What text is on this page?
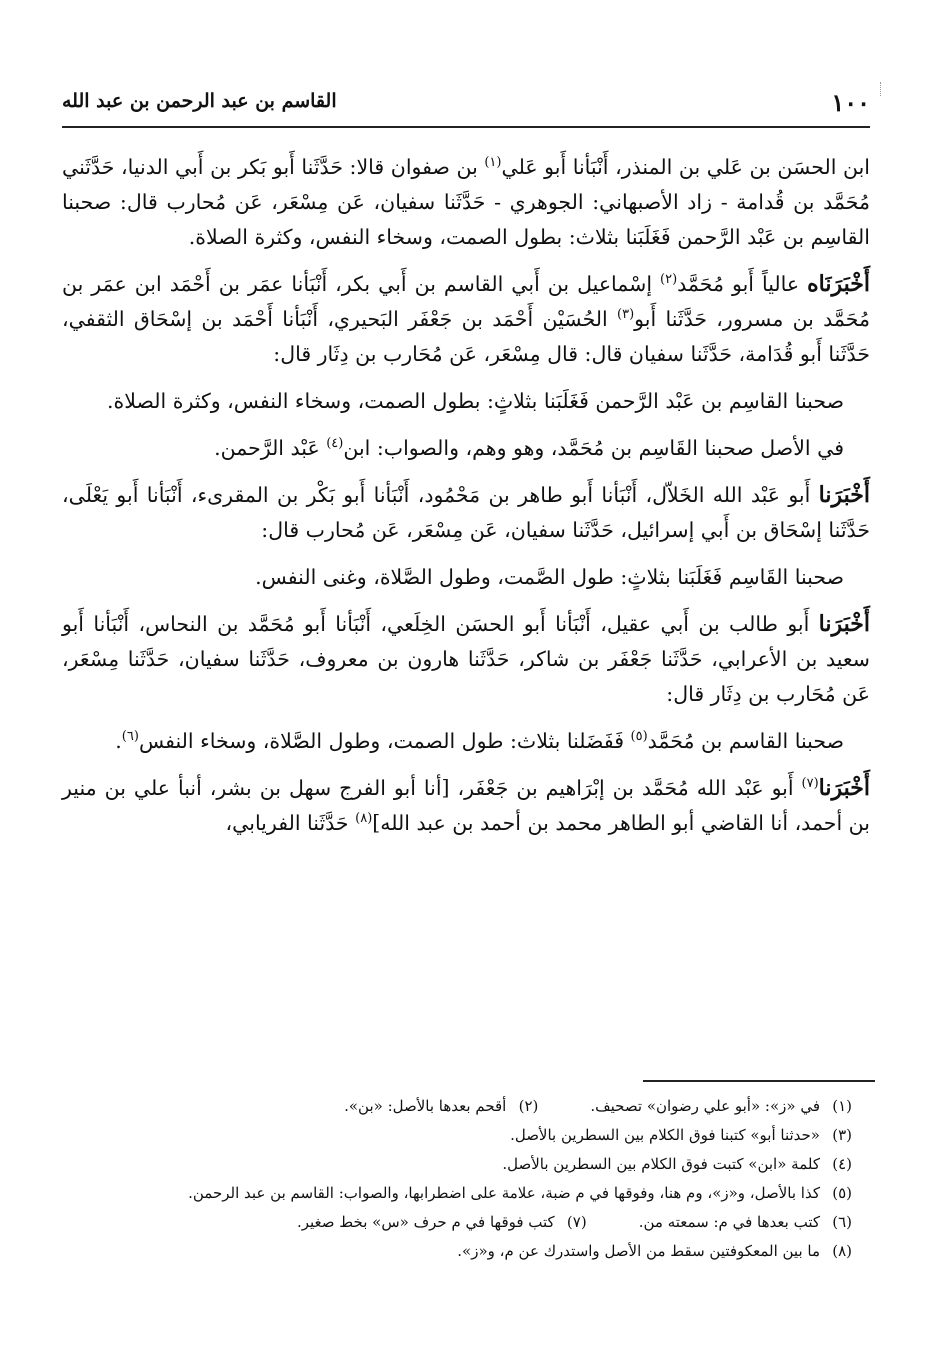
١٠٠
القاسم بن عبد الرحمن بن عبد الله

ابن الحسَن بن عَلي بن المنذر، أَنْبَأنا أَبو عَلي$^{(١)}$ بن صفوان قالا: حَدَّثَنا أَبو بَكر بن أَبي الدنيا، حَدَّثَني مُحَمَّد بن قُدامة - زاد الأصبهاني: الجوهري - حَدَّثَنا سفيان، عَن مِسْعَر، عَن مُحارب قال: صحبنا القاسِم بن عَبْد الرَّحمن فَغَلَبَنا بثلاث: بطول الصمت، وسخاء النفس، وكثرة الصلاة.

أَخْبَرَنَاه عالياً أَبو مُحَمَّد$^{(٢)}$ إسْماعيل بن أَبي القاسم بن أَبي بكر، أَنْبَأنا عمَر بن أَحْمَد ابن عمَر بن مُحَمَّد بن مسرور، حَدَّثَنا أَبو$^{(٣)}$ الحُسَيْن أَحْمَد بن جَعْفَر البَحيري، أَنْبَأنا أَحْمَد بن إسْحَاق الثقفي، حَدَّثَنا أَبو قُدَامة، حَدَّثَنا سفيان قال: قال مِسْعَر، عَن مُحَارب بن دِثَار قال:

صحبنا القاسِم بن عَبْد الرَّحمن فَغَلَبَنا بثلاثٍ: بطول الصمت، وسخاء النفس، وكثرة الصلاة.

في الأصل صحبنا القَاسِم بن مُحَمَّد، وهو وهم، والصواب: ابن$^{(٤)}$ عَبْد الرَّحمن.

أَخْبَرَنا أَبو عَبْد الله الخَلاّل، أَنْبَأنا أَبو طاهر بن مَحْمُود، أَنْبَأنا أَبو بَكْر بن المقرىء، أَنْبَأنا أَبو يَعْلَى، حَدَّثَنا إسْحَاق بن أَبي إسرائيل، حَدَّثَنا سفيان، عَن مِسْعَر، عَن مُحارب قال:

صحبنا القَاسِم فَغَلَبَنا بثلاثٍ: طول الصَّمت، وطول الصَّلاة، وغنى النفس.

أَخْبَرَنا أَبو طالب بن أَبي عقيل، أَنْبَأنا أَبو الحسَن الخِلَعي، أَنْبَأنا أَبو مُحَمَّد بن النحاس، أَنْبَأنا أَبو سعيد بن الأعرابي، حَدَّثَنا جَعْفَر بن شاكر، حَدَّثَنا هارون بن معروف، حَدَّثَنا سفيان، حَدَّثَنا مِسْعَر، عَن مُحَارب بن دِثَار قال:

صحبنا القاسم بن مُحَمَّد$^{(٥)}$ فَفَضَلنا بثلاث: طول الصمت، وطول الصَّلاة، وسخاء النفس$^{(٦)}$.

أَخْبَرَنا$^{(٧)}$ أَبو عَبْد الله مُحَمَّد بن إبْرَاهيم بن جَعْفَر، [أنا أبو الفرج سهل بن بشر، أنبأ علي بن منير بن أحمد، أنا القاضي أبو الطاهر محمد بن أحمد بن عبد الله]$^{(٨)}$ حَدَّثَنا الفريابي،

(١)في «ز»: «أبو علي رضوان» تصحيف.(٢)أقحم بعدها بالأصل: «بن».
(٣)«حدثنا أبو» كتبنا فوق الكلام بين السطرين بالأصل.
(٤)كلمة «ابن» كتبت فوق الكلام بين السطرين بالأصل.
(٥)كذا بالأصل، و«ز»، وم هنا، وفوقها في م ضبة، علامة على اضطرابها، والصواب: القاسم بن عبد الرحمن.
(٦)كتب بعدها في م: سمعته من.(٧)كتب فوقها في م حرف «س» بخط صغير.
(٨)ما بين المعكوفتين سقط من الأصل واستدرك عن م، و«ز».
